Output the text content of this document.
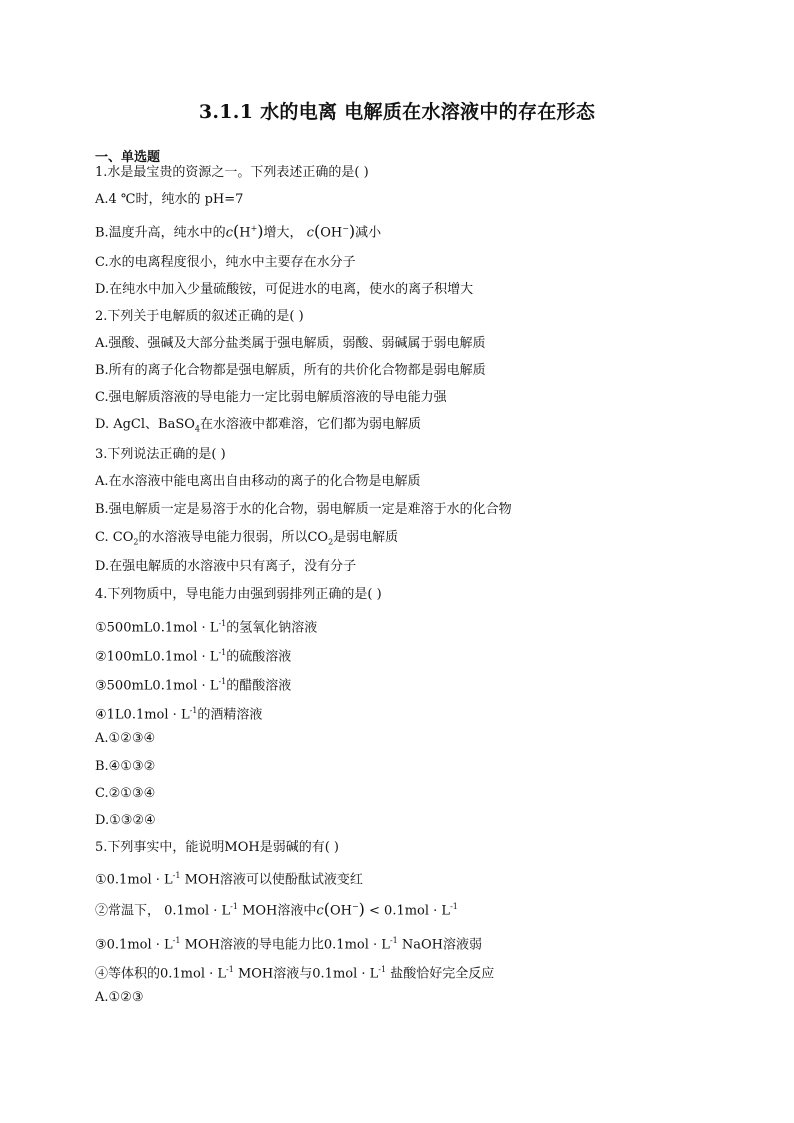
3.1.1 水的电离 电解质在水溶液中的存在形态
一、单选题
1.水是最宝贵的资源之一。下列表述正确的是( )
A.4 ℃时，纯水的 pH=7
B.温度升高，纯水中的c(H+)增大， c(OH−)减小
C.水的电离程度很小，纯水中主要存在水分子
D.在纯水中加入少量硫酸铵，可促进水的电离，使水的离子积增大
2.下列关于电解质的叙述正确的是( )
A.强酸、强碱及大部分盐类属于强电解质，弱酸、弱碱属于弱电解质
B.所有的离子化合物都是强电解质，所有的共价化合物都是弱电解质
C.强电解质溶液的导电能力一定比弱电解质溶液的导电能力强
D. AgCl、BaSO$_4$在水溶液中都难溶，它们都为弱电解质
3.下列说法正确的是( )
A.在水溶液中能电离出自由移动的离子的化合物是电解质
B.强电解质一定是易溶于水的化合物，弱电解质一定是难溶于水的化合物
C. $CO_2$的水溶液导电能力很弱，所以$CO_2$是弱电解质
D.在强电解质的水溶液中只有离子，没有分子
4.下列物质中，导电能力由强到弱排列正确的是( )
①500mL0.1mol · $L^{-1}$的氢氧化钠溶液
②100mL0.1mol · $L^{-1}$的硫酸溶液
③500mL0.1mol · $L^{-1}$的醋酸溶液
④1L0.1mol · $L^{-1}$的酒精溶液
A.①②③④
B.④①③②
C.②①③④
D.①③②④
5.下列事实中，能说明MOH是弱碱的有( )
①0.1mol · $L^{-1}$ MOH溶液可以使酚酞试液变红
②常温下， $0.1mol \cdot L^{-1}$ MOH溶液中$c(OH^-) < 0.1mol \cdot L^{-1}$
③0.1mol · $L^{-1}$ MOH溶液的导电能力比$0.1mol \cdot L^{-1}$ NaOH溶液弱
④等体积的$0.1mol \cdot L^{-1}$ MOH溶液与$0.1mol \cdot L^{-1}$ 盐酸恰好完全反应
A.①②③
